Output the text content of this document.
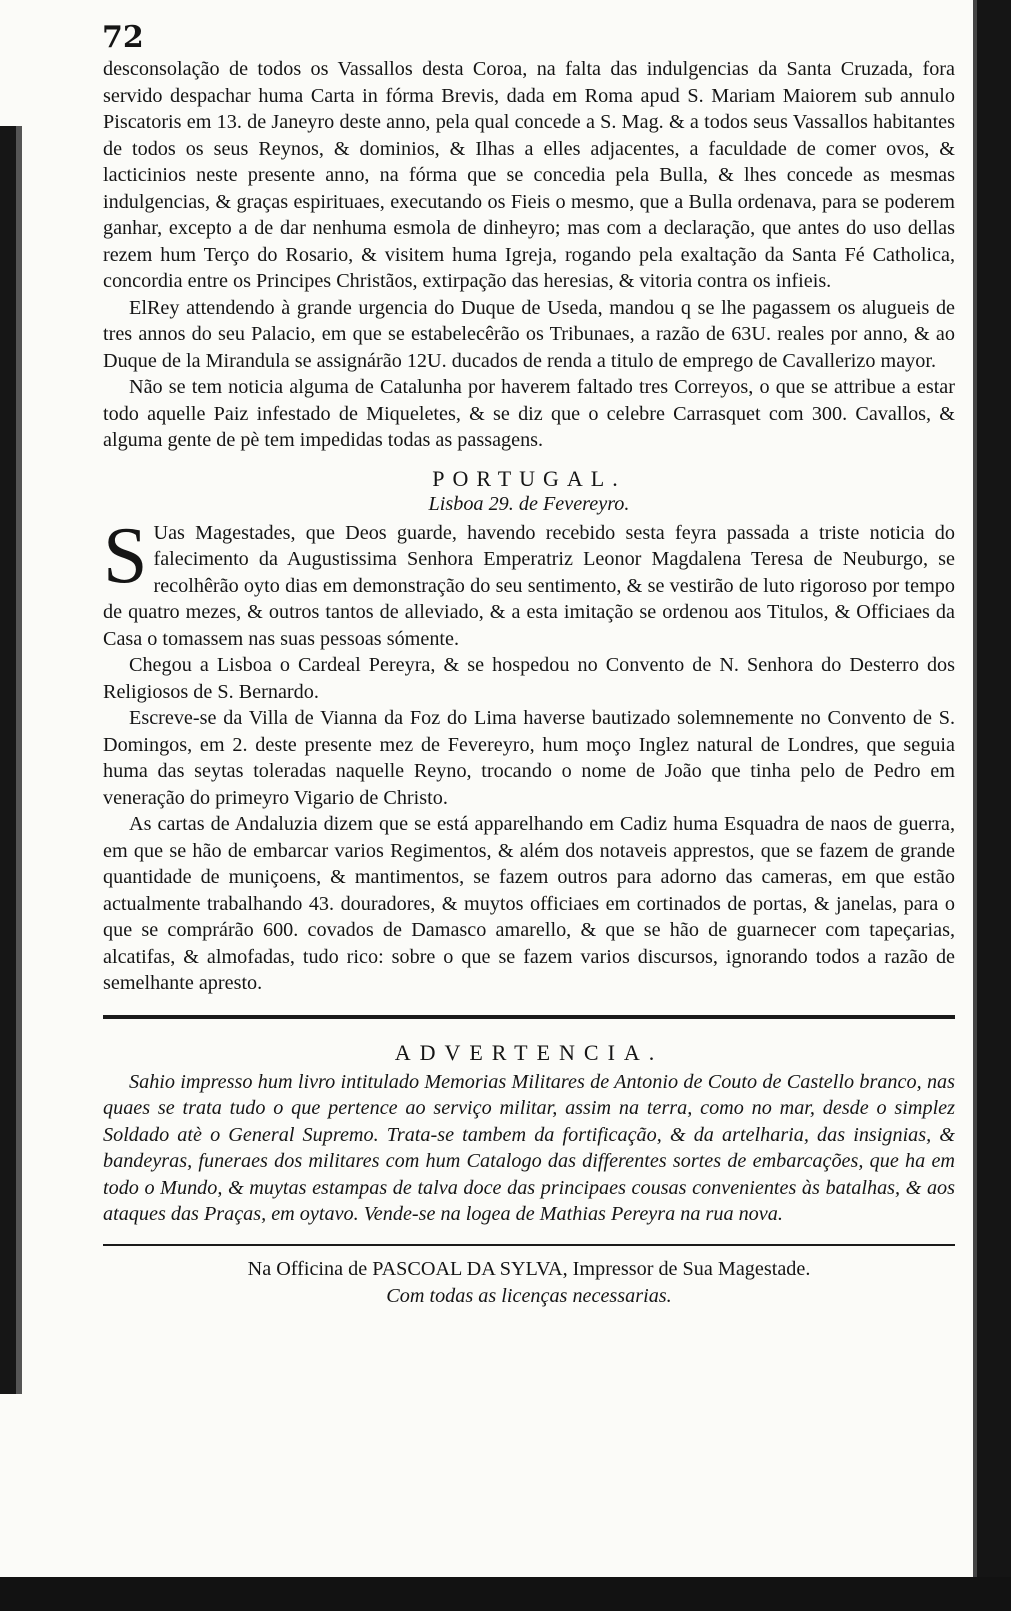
72

desconsolação de todos os Vassallos desta Coroa, na falta das indulgencias da Santa Cruzada, fora servido despachar huma Carta in fórma Brevis, dada em Roma apud S. Mariam Maiorem sub annulo Piscatoris em 13. de Janeyro deste anno, pela qual concede a S. Mag. & a todos seus Vassallos habitantes de todos os seus Reynos, & dominios, & Ilhas a elles adjacentes, a faculdade de comer ovos, & lacticinios neste presente anno, na fórma que se concedia pela Bulla, & lhes concede as mesmas indulgencias, & graças espirituaes, executando os Fieis o mesmo, que a Bulla ordenava, para se poderem ganhar, excepto a de dar nenhuma esmola de dinheyro; mas com a declaração, que antes do uso dellas rezem hum Terço do Rosario, & visitem huma Igreja, rogando pela exaltação da Santa Fé Catholica, concordia entre os Principes Christãos, extirpação das heresias, & vitoria contra os infieis.

ElRey attendendo à grande urgencia do Duque de Useda, mandou q se lhe pagassem os alugueis de tres annos do seu Palacio, em que se estabelecêrão os Tribunaes, a razão de 63U. reales por anno, & ao Duque de la Mirandula se assignárão 12U. ducados de renda a titulo de emprego de Cavallerizo mayor.

Não se tem noticia alguma de Catalunha por haverem faltado tres Correyos, o que se attribue a estar todo aquelle Paiz infestado de Miqueletes, & se diz que o celebre Carrasquet com 300. Cavallos, & alguma gente de pè tem impedidas todas as passagens.

PORTUGAL.

Lisboa 29. de Fevereyro.

S Uas Magestades, que Deos guarde, havendo recebido sesta feyra passada a triste noticia do falecimento da Augustissima Senhora Emperatriz Leonor Magdalena Teresa de Neuburgo, se recolhêrão oyto dias em demonstração do seu sentimento, & se vestirão de luto rigoroso por tempo de quatro mezes, & outros tantos de alleviado, & a esta imitação se ordenou aos Titulos, & Officiaes da Casa o tomassem nas suas pessoas sómente.

Chegou a Lisboa o Cardeal Pereyra, & se hospedou no Convento de N. Senhora do Desterro dos Religiosos de S. Bernardo.

Escreve-se da Villa de Vianna da Foz do Lima haverse bautizado solemnemente no Convento de S. Domingos, em 2. deste presente mez de Fevereyro, hum moço Inglez natural de Londres, que seguia huma das seytas toleradas naquelle Reyno, trocando o nome de João que tinha pelo de Pedro em veneração do primeyro Vigario de Christo.

As cartas de Andaluzia dizem que se está apparelhando em Cadiz huma Esquadra de naos de guerra, em que se hão de embarcar varios Regimentos, & além dos notaveis apprestos, que se fazem de grande quantidade de muniçoens, & mantimentos, se fazem outros para adorno das cameras, em que estão actualmente trabalhando 43. douradores, & muytos officiaes em cortinados de portas, & janelas, para o que se comprárão 600. covados de Damasco amarello, & que se hão de guarnecer com tapeçarias, alcatifas, & almofadas, tudo rico: sobre o que se fazem varios discursos, ignorando todos a razão de semelhante apresto.

ADVERTENCIA.

Sahio impresso hum livro intitulado Memorias Militares de Antonio de Couto de Castello branco, nas quaes se trata tudo o que pertence ao serviço militar, assim na terra, como no mar, desde o simplez Soldado atè o General Supremo. Trata-se tambem da fortificação, & da artelharia, das insignias, & bandeyras, funeraes dos militares com hum Catalogo das differentes sortes de embarcações, que ha em todo o Mundo, & muytas estampas de talva doce das principaes cousas convenientes às batalhas, & aos ataques das Praças, em oytavo. Vende-se na logea de Mathias Pereyra na rua nova.

Na Officina de PASCOAL DA SYLVA, Impressor de Sua Magestade.

Com todas as licenças necessarias.
